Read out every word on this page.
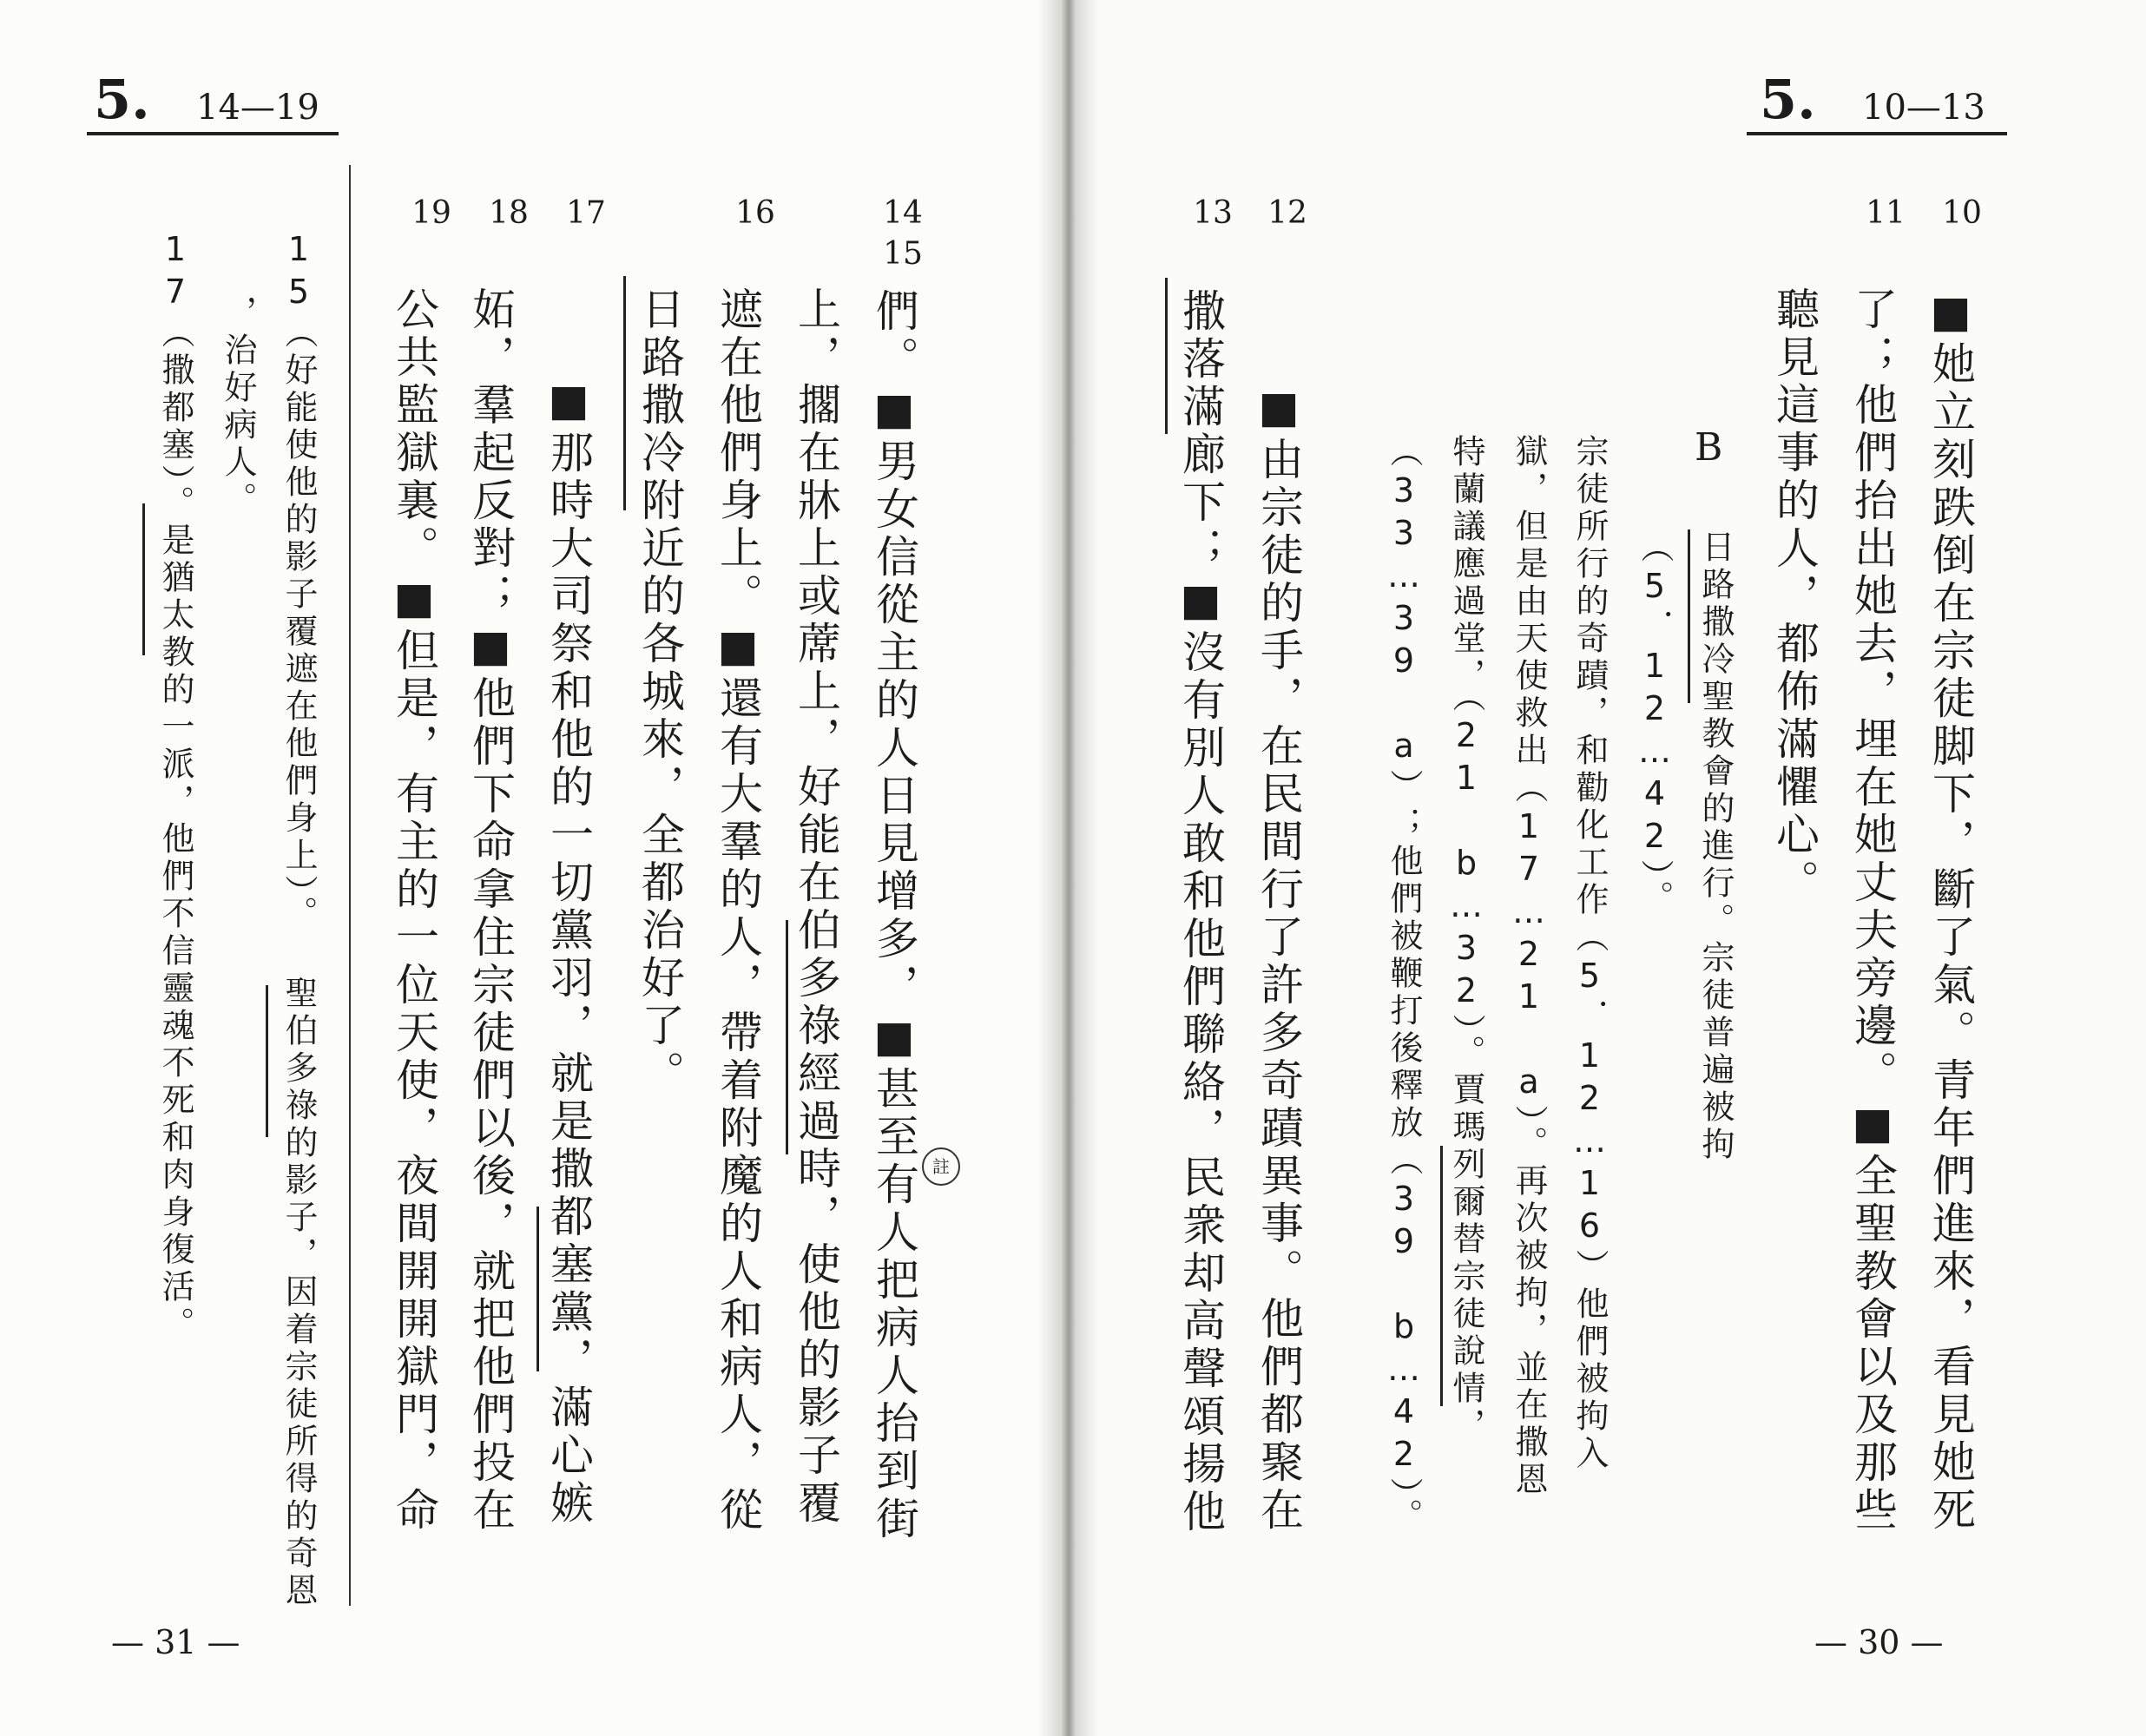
5. 14—19
14
15
16
17
18
19
們。■男女信從主的人日見增多，■甚至有人把病人抬到街
上，擱在牀上或蓆上，好能在伯多祿經過時，使他的影子覆
遮在他們身上。■還有大羣的人，帶着附魔的人和病人，從
日路撒冷附近的各城來，全都治好了。
■那時大司祭和他的一切黨羽，就是撒都塞黨，滿心嫉
妬，羣起反對；■他們下命拿住宗徒們以後，就把他們投在
公共監獄裏。■但是，有主的一位天使，夜間開開獄門，命	註
15（好能使他的影子覆遮在他們身上）。 聖伯多祿的影子，因着宗徒所得的奇恩
，治好病人。
17（撒都塞）。是猶太教的一派，他們不信靈魂不死和肉身復活。
— 31 —
5. 10—13
10
11
12
13
■她立刻跌倒在宗徒脚下，斷了氣。青年們進來，看見她死
了；他們抬出她去，埋在她丈夫旁邊。■全聖教會以及那些
聽見這事的人，都佈滿懼心。
B
日路撒冷聖教會的進行。宗徒普遍被拘
（5．12…42）。
宗徒所行的奇蹟，和勸化工作（5．12…16）他們被拘入
獄，但是由天使救出（17…21 a）。再次被拘，並在撒恩
特蘭議應過堂，（21 b…32）。賈瑪列爾替宗徒說情，
（33…39 a）；他們被鞭打後釋放（39 b…42）。
■由宗徒的手，在民間行了許多奇蹟異事。他們都聚在
撒落滿廊下；■沒有別人敢和他們聯絡，民衆却高聲頌揚他
— 30 —
